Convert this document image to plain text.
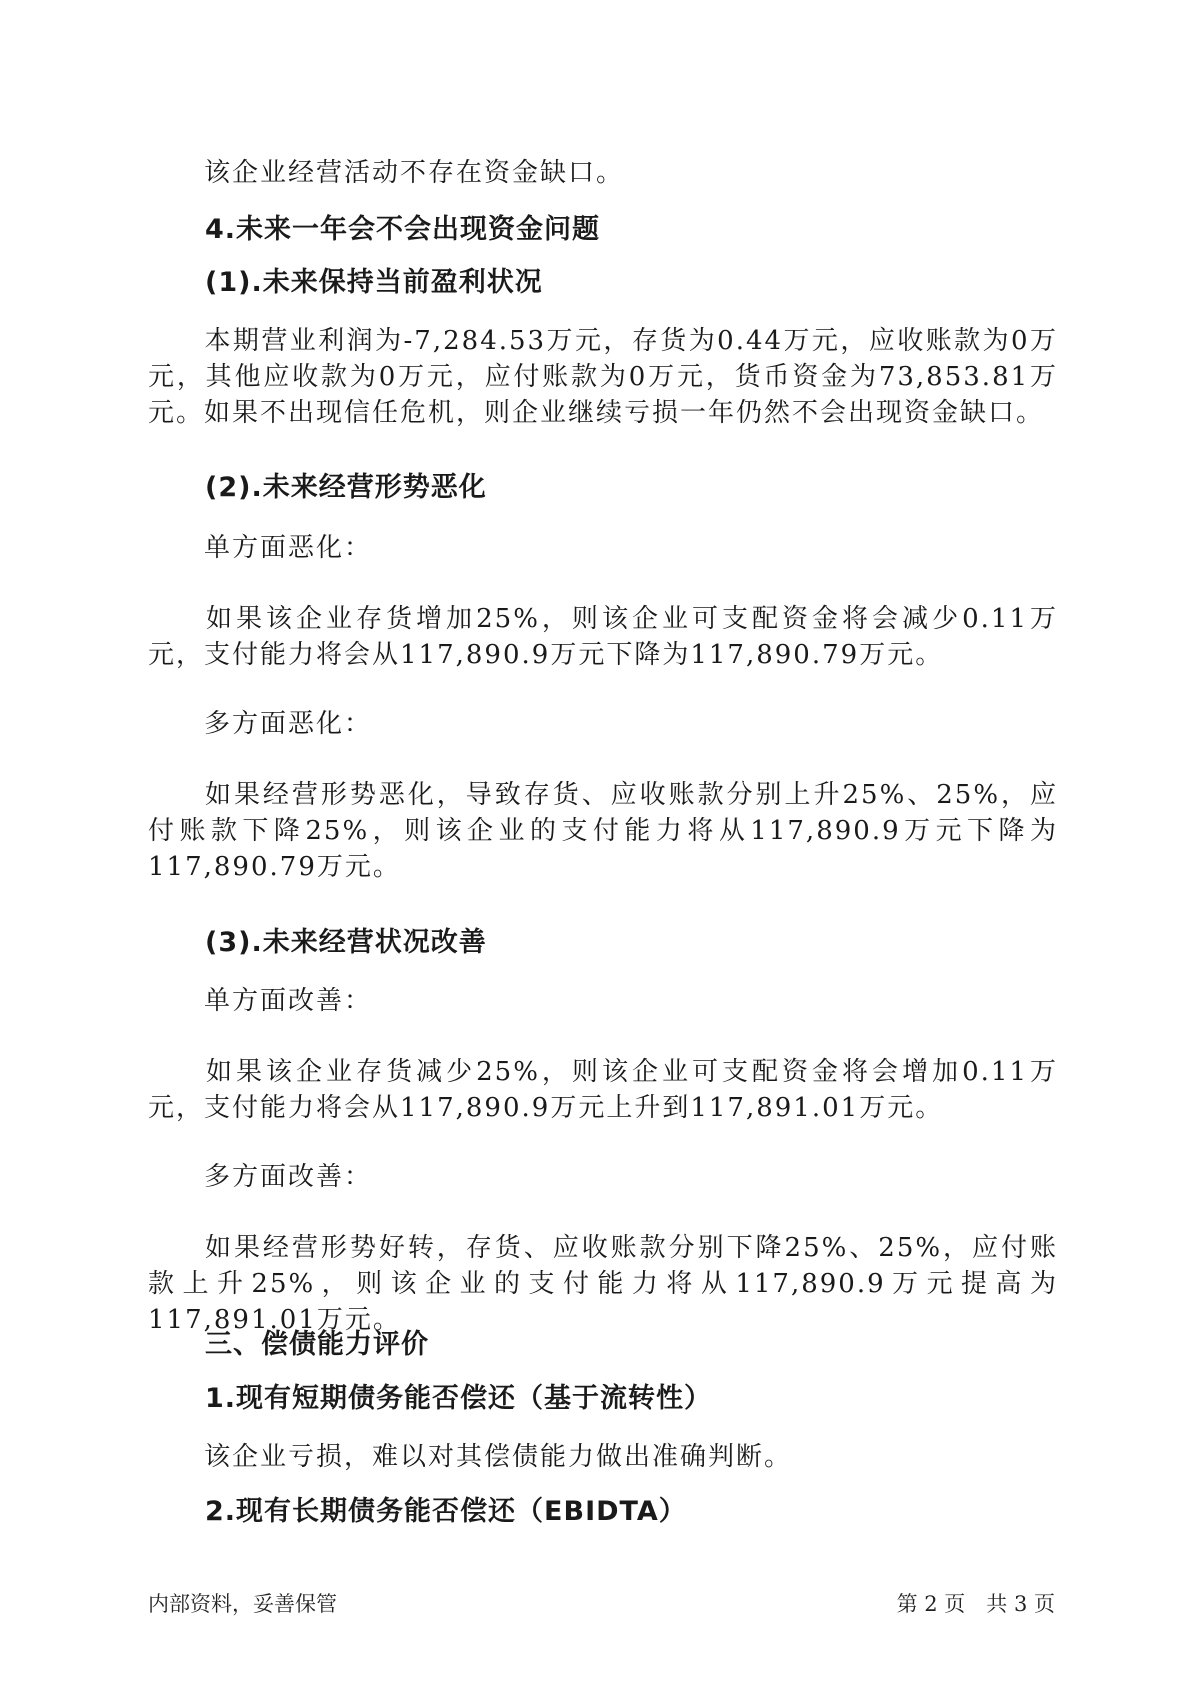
该企业经营活动不存在资金缺口。
4.未来一年会不会出现资金问题
(1).未来保持当前盈利状况
本期营业利润为-7,284.53万元，存货为0.44万元，应收账款为0万元，其他应收款为0万元，应付账款为0万元，货币资金为73,853.81万元。如果不出现信任危机，则企业继续亏损一年仍然不会出现资金缺口。
(2).未来经营形势恶化
单方面恶化：
如果该企业存货增加25%，则该企业可支配资金将会减少0.11万元，支付能力将会从117,890.9万元下降为117,890.79万元。
多方面恶化：
如果经营形势恶化，导致存货、应收账款分别上升25%、25%，应付账款下降25%，则该企业的支付能力将从117,890.9万元下降为117,890.79万元。
(3).未来经营状况改善
单方面改善：
如果该企业存货减少25%，则该企业可支配资金将会增加0.11万元，支付能力将会从117,890.9万元上升到117,891.01万元。
多方面改善：
如果经营形势好转，存货、应收账款分别下降25%、25%，应付账款上升25%，则该企业的支付能力将从117,890.9万元提高为117,891.01万元。
三、偿债能力评价
1.现有短期债务能否偿还（基于流转性）
该企业亏损，难以对其偿债能力做出准确判断。
2.现有长期债务能否偿还（EBIDTA）
内部资料，妥善保管	第 2 页　共 3 页
